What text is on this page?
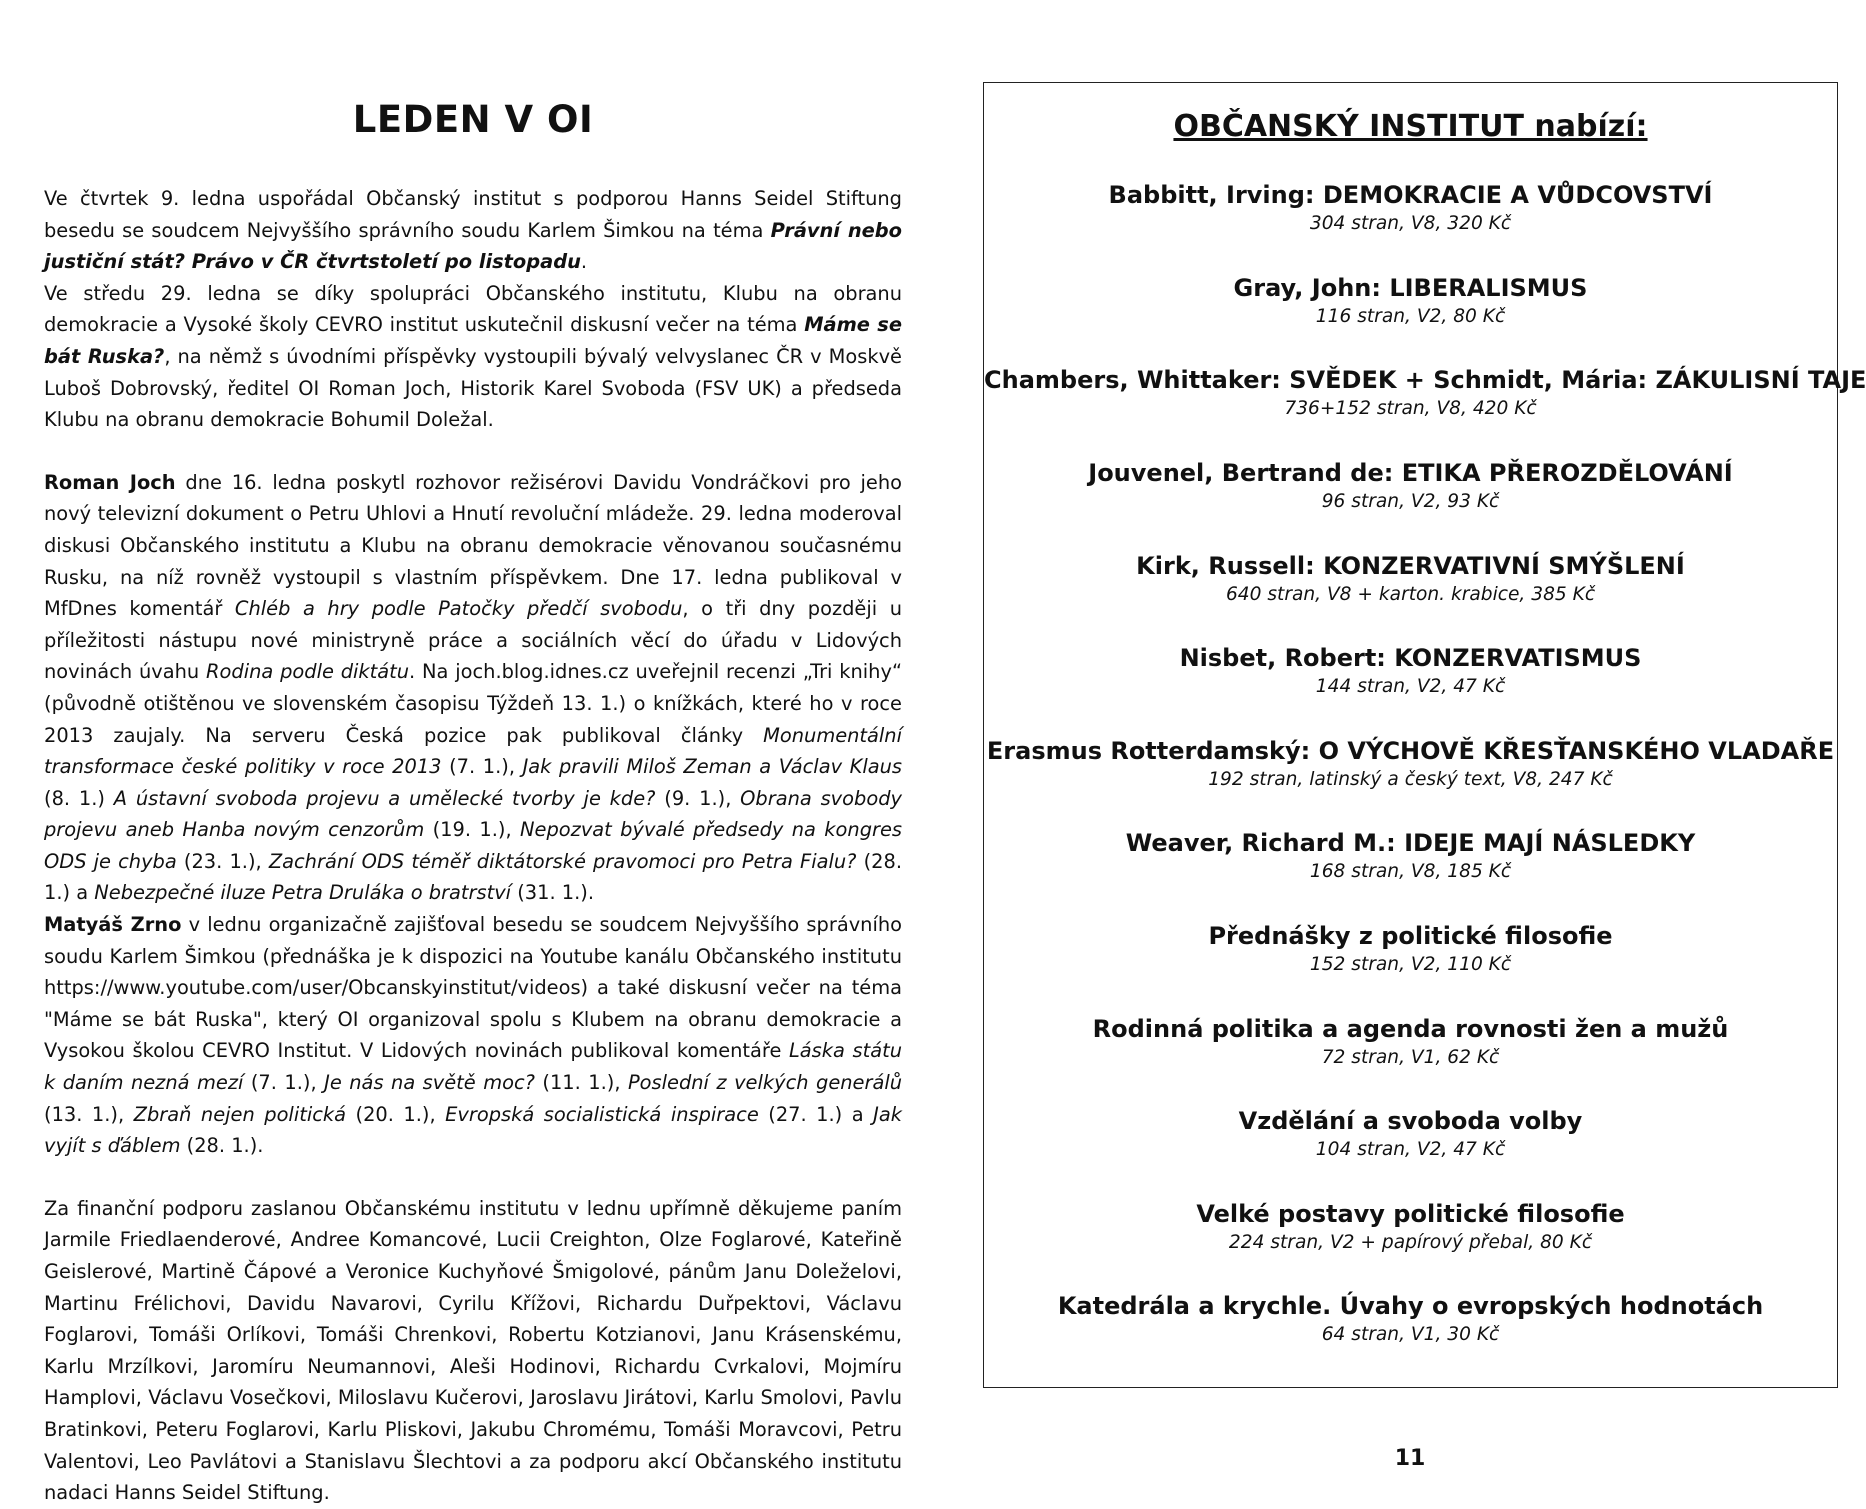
LEDEN V OI

Ve čtvrtek 9. ledna uspořádal Občanský institut s podporou Hanns Seidel Stiftung besedu se soudcem Nejvyššího správního soudu Karlem Šimkou na téma Právní nebo justiční stát? Právo v ČR čtvrtstoletí po listopadu.

Ve středu 29. ledna se díky spolupráci Občanského institutu, Klubu na obranu demokracie a Vysoké školy CEVRO institut uskutečnil diskusní večer na téma Máme se bát Ruska?, na němž s úvodními příspěvky vystoupili bývalý velvyslanec ČR v Moskvě Luboš Dobrovský, ředitel OI Roman Joch, Historik Karel Svoboda (FSV UK) a předseda Klubu na obranu demokracie Bohumil Doležal.

Roman Joch dne 16. ledna poskytl rozhovor režisérovi Davidu Vondráčkovi pro jeho nový televizní dokument o Petru Uhlovi a Hnutí revoluční mládeže. 29. ledna moderoval diskusi Občanského institutu a Klubu na obranu demokracie věnovanou současnému Rusku, na níž rovněž vystoupil s vlastním příspěvkem. Dne 17. ledna publikoval v MfDnes komentář Chléb a hry podle Patočky předčí svobodu, o tři dny později u příležitosti nástupu nové ministryně práce a sociálních věcí do úřadu v Lidových novinách úvahu Rodina podle diktátu. Na joch.blog.idnes.cz uveřejnil recenzi „Tri knihy“ (původně otištěnou ve slovenském časopisu Týždeň 13. 1.) o knížkách, které ho v roce 2013 zaujaly. Na serveru Česká pozice pak publikoval články Monumentální transformace české politiky v roce 2013 (7. 1.), Jak pravili Miloš Zeman a Václav Klaus (8. 1.) A ústavní svoboda projevu a umělecké tvorby je kde? (9. 1.), Obrana svobody projevu aneb Hanba novým cenzorům (19. 1.), Nepozvat bývalé předsedy na kongres ODS je chyba (23. 1.), Zachrání ODS téměř diktátorské pravomoci pro Petra Fialu? (28. 1.) a Nebezpečné iluze Petra Druláka o bratrství (31. 1.).

Matyáš Zrno v lednu organizačně zajišťoval besedu se soudcem Nejvyššího správního soudu Karlem Šimkou (přednáška je k dispozici na Youtube kanálu Občanského institutu https://www.youtube.com/user/Obcanskyinstitut/videos) a také diskusní večer na téma "Máme se bát Ruska", který OI organizoval spolu s Klubem na obranu demokracie a Vysokou školou CEVRO Institut. V Lidových novinách publikoval komentáře Láska státu k daním nezná mezí (7. 1.), Je nás na světě moc? (11. 1.), Poslední z velkých generálů (13. 1.), Zbraň nejen politická (20. 1.), Evropská socialistická inspirace (27. 1.) a Jak vyjít s ďáblem (28. 1.).

Za finanční podporu zaslanou Občanskému institutu v lednu upřímně děkujeme paním Jarmile Friedlaenderové, Andree Komancové, Lucii Creighton, Olze Foglarové, Kateřině Geislerové, Martině Čápové a Veronice Kuchyňové Šmigolové, pánům Janu Doleželovi, Martinu Frélichovi, Davidu Navarovi, Cyrilu Křížovi, Richardu Duřpektovi, Václavu Foglarovi, Tomáši Orlíkovi, Tomáši Chrenkovi, Robertu Kotzianovi, Janu Krásenskému, Karlu Mrzílkovi, Jaromíru Neumannovi, Aleši Hodinovi, Richardu Cvrkalovi, Mojmíru Hamplovi, Václavu Vosečkovi, Miloslavu Kučerovi, Jaroslavu Jirátovi, Karlu Smolovi, Pavlu Bratinkovi, Peteru Foglarovi, Karlu Pliskovi, Jakubu Chromému, Tomáši Moravcovi, Petru Valentovi, Leo Pavlátovi a Stanislavu Šlechtovi a za podporu akcí Občanského institutu nadaci Hanns Seidel Stiftung.

OBČANSKÝ INSTITUT nabízí:
Babbitt, Irving: DEMOKRACIE A VŮDCOVSTVÍ
304 stran, V8, 320 Kč
Gray, John: LIBERALISMUS
116 stran, V2, 80 Kč
Chambers, Whittaker: SVĚDEK + Schmidt, Mária: ZÁKULISNÍ TAJE
736+152 stran, V8, 420 Kč
Jouvenel, Bertrand de: ETIKA PŘEROZDĚLOVÁNÍ
96 stran, V2, 93 Kč
Kirk, Russell: KONZERVATIVNÍ SMÝŠLENÍ
640 stran, V8 + karton. krabice, 385 Kč
Nisbet, Robert: KONZERVATISMUS
144 stran, V2, 47 Kč
Erasmus Rotterdamský: O VÝCHOVĚ KŘESŤANSKÉHO VLADAŘE
192 stran, latinský a český text, V8, 247 Kč
Weaver, Richard M.: IDEJE MAJÍ NÁSLEDKY
168 stran, V8, 185 Kč
Přednášky z politické filosofie
152 stran, V2, 110 Kč
Rodinná politika a agenda rovnosti žen a mužů
72 stran, V1, 62 Kč
Vzdělání a svoboda volby
104 stran, V2, 47 Kč
Velké postavy politické filosofie
224 stran, V2 + papírový přebal, 80 Kč
Katedrála a krychle. Úvahy o evropských hodnotách
64 stran, V1, 30 Kč
11
